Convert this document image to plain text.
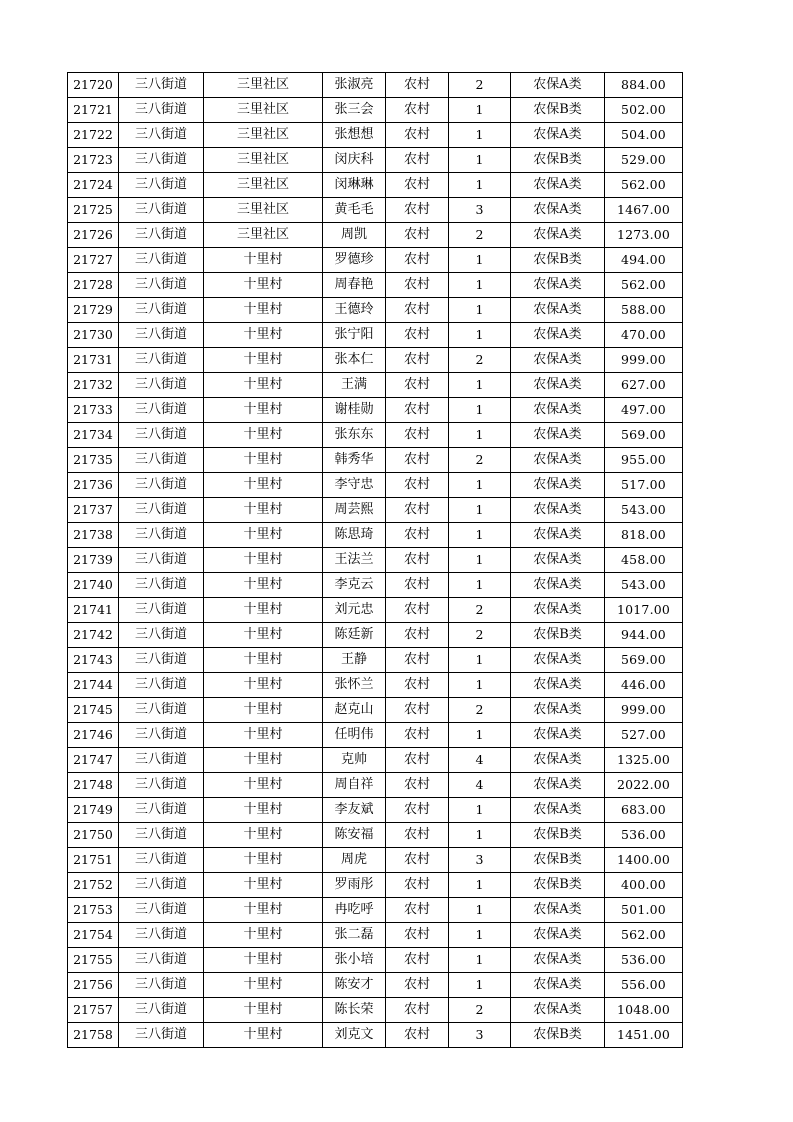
21720	三八街道	三里社区	张淑亮	农村	2	农保A类	884.00
21721	三八街道	三里社区	张三会	农村	1	农保B类	502.00
21722	三八街道	三里社区	张想想	农村	1	农保A类	504.00
21723	三八街道	三里社区	闵庆科	农村	1	农保B类	529.00
21724	三八街道	三里社区	闵琳琳	农村	1	农保A类	562.00
21725	三八街道	三里社区	黄毛毛	农村	3	农保A类	1467.00
21726	三八街道	三里社区	周凯	农村	2	农保A类	1273.00
21727	三八街道	十里村	罗德珍	农村	1	农保B类	494.00
21728	三八街道	十里村	周春艳	农村	1	农保A类	562.00
21729	三八街道	十里村	王德玲	农村	1	农保A类	588.00
21730	三八街道	十里村	张宁阳	农村	1	农保A类	470.00
21731	三八街道	十里村	张本仁	农村	2	农保A类	999.00
21732	三八街道	十里村	王满	农村	1	农保A类	627.00
21733	三八街道	十里村	谢桂勋	农村	1	农保A类	497.00
21734	三八街道	十里村	张东东	农村	1	农保A类	569.00
21735	三八街道	十里村	韩秀华	农村	2	农保A类	955.00
21736	三八街道	十里村	李守忠	农村	1	农保A类	517.00
21737	三八街道	十里村	周芸熙	农村	1	农保A类	543.00
21738	三八街道	十里村	陈思琦	农村	1	农保A类	818.00
21739	三八街道	十里村	王法兰	农村	1	农保A类	458.00
21740	三八街道	十里村	李克云	农村	1	农保A类	543.00
21741	三八街道	十里村	刘元忠	农村	2	农保A类	1017.00
21742	三八街道	十里村	陈廷新	农村	2	农保B类	944.00
21743	三八街道	十里村	王静	农村	1	农保A类	569.00
21744	三八街道	十里村	张怀兰	农村	1	农保A类	446.00
21745	三八街道	十里村	赵克山	农村	2	农保A类	999.00
21746	三八街道	十里村	任明伟	农村	1	农保A类	527.00
21747	三八街道	十里村	克帅	农村	4	农保A类	1325.00
21748	三八街道	十里村	周自祥	农村	4	农保A类	2022.00
21749	三八街道	十里村	李友斌	农村	1	农保A类	683.00
21750	三八街道	十里村	陈安福	农村	1	农保B类	536.00
21751	三八街道	十里村	周虎	农村	3	农保B类	1400.00
21752	三八街道	十里村	罗雨彤	农村	1	农保B类	400.00
21753	三八街道	十里村	冉吃呼	农村	1	农保A类	501.00
21754	三八街道	十里村	张二磊	农村	1	农保A类	562.00
21755	三八街道	十里村	张小培	农村	1	农保A类	536.00
21756	三八街道	十里村	陈安才	农村	1	农保A类	556.00
21757	三八街道	十里村	陈长荣	农村	2	农保A类	1048.00
21758	三八街道	十里村	刘克文	农村	3	农保B类	1451.00
